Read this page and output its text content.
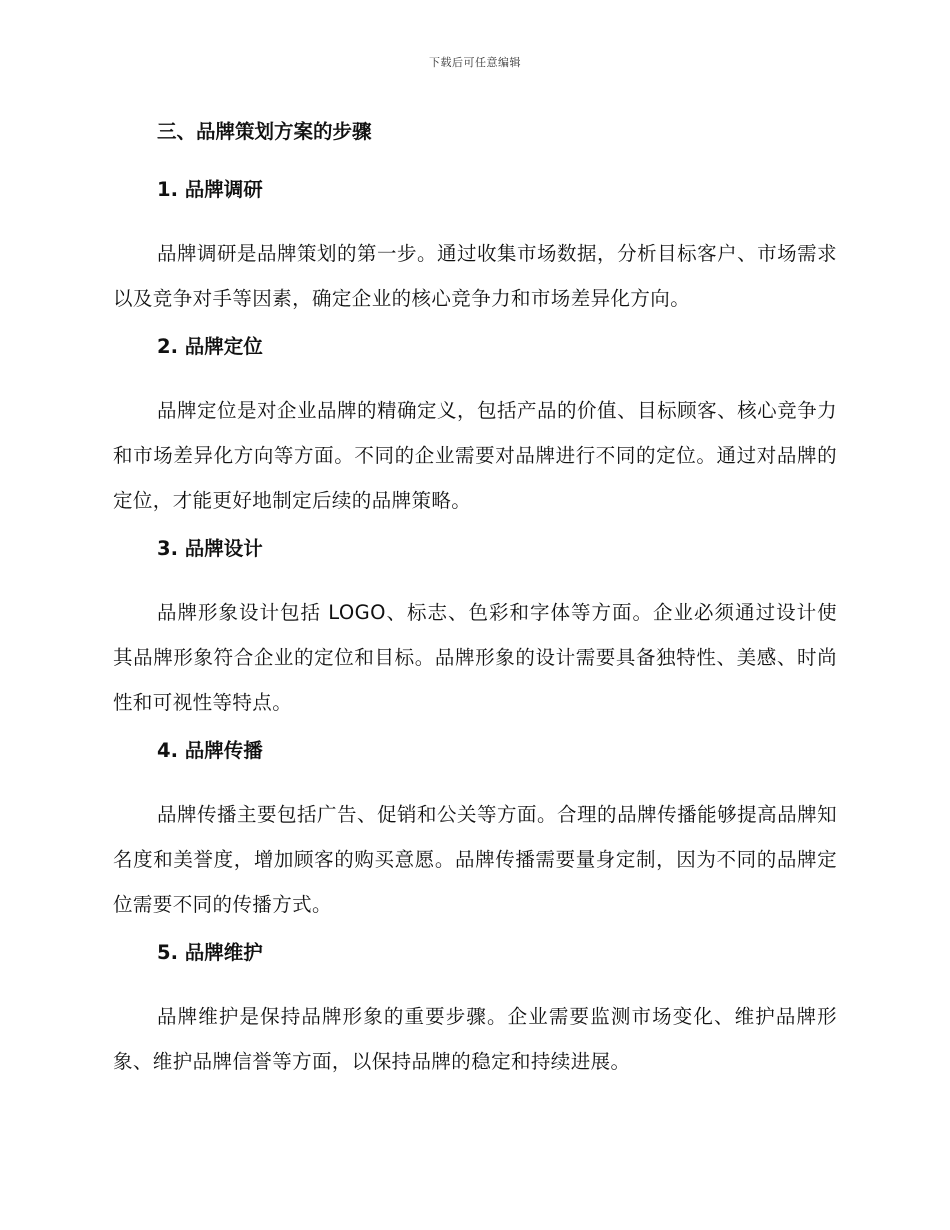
下载后可任意编辑
三、品牌策划方案的步骤
1. 品牌调研

品牌调研是品牌策划的第一步。通过收集市场数据，分析目标客户、市场需求以及竞争对手等因素，确定企业的核心竞争力和市场差异化方向。

2. 品牌定位

品牌定位是对企业品牌的精确定义，包括产品的价值、目标顾客、核心竞争力和市场差异化方向等方面。不同的企业需要对品牌进行不同的定位。通过对品牌的定位，才能更好地制定后续的品牌策略。

3. 品牌设计

品牌形象设计包括 LOGO、标志、色彩和字体等方面。企业必须通过设计使其品牌形象符合企业的定位和目标。品牌形象的设计需要具备独特性、美感、时尚性和可视性等特点。

4. 品牌传播

品牌传播主要包括广告、促销和公关等方面。合理的品牌传播能够提高品牌知名度和美誉度，增加顾客的购买意愿。品牌传播需要量身定制，因为不同的品牌定位需要不同的传播方式。

5. 品牌维护

品牌维护是保持品牌形象的重要步骤。企业需要监测市场变化、维护品牌形象、维护品牌信誉等方面，以保持品牌的稳定和持续进展。
